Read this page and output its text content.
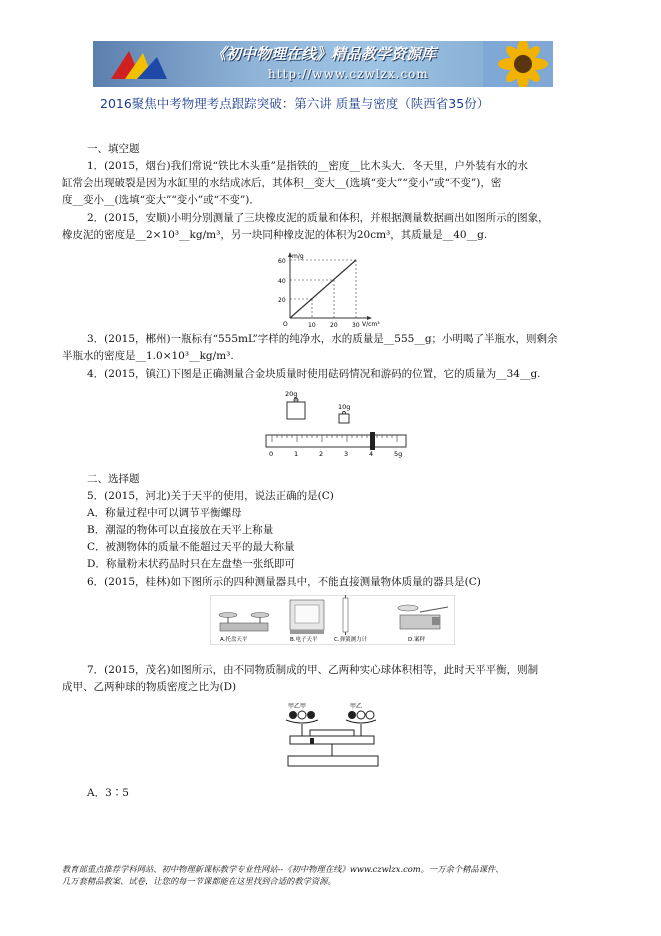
《初中物理在线》精品教学资源库
http://www.czwlzx.com
2016聚焦中考物理考点跟踪突破：第六讲 质量与密度（陕西省35份）
一、填空题
1．(2015，烟台)我们常说“铁比木头重”是指铁的__密度__比木头大．冬天里，户外装有水的水
缸常会出现破裂是因为水缸里的水结成冰后，其体积__变大__(选填“变大”“变小”或“不变”)，密
度__变小__(选填“变大”“变小”或“不变”)．
2．(2015，安顺)小明分别测量了三块橡皮泥的质量和体积，并根据测量数据画出如图所示的图象，
橡皮泥的密度是__2×10³__kg/m³，另一块同种橡皮泥的体积为20cm³，其质量是__40__g.
m/g
60
40
20
O	10 20 30 V/cm³
3．(2015，郴州)一瓶标有“555mL”字样的纯净水，水的质量是__555__g；小明喝了半瓶水，则剩余
半瓶水的密度是__1.0×10³__kg/m³.
4．(2015，镇江)下图是正确测量合金块质量时使用砝码情况和游码的位置，它的质量为__34__g.
20g
10g
0	1	2	3	4	5g
二、选择题
5．(2015，河北)关于天平的使用，说法正确的是(C)
A．称量过程中可以调节平衡螺母
B．潮湿的物体可以直接放在天平上称量
C．被测物体的质量不能超过天平的最大称量
D．称量粉末状药品时只在左盘垫一张纸即可
6．(2015，桂林)如下图所示的四种测量器具中，不能直接测量物体质量的器具是(C)
A.托盘天平	B.电子天平	C.弹簧测力计	D.案秤
7．(2015，茂名)如图所示，由不同物质制成的甲、乙两种实心球体积相等，此时天平平衡，则制
成甲、乙两种球的物质密度之比为(D)
甲乙甲	甲乙
A．3∶5
教育部重点推荐学科网站、初中物理新课标教学专业性网站--《初中物理在线》www.czwlzx.com。一万余个精品课件、
几万套精品教案、试卷，让您的每一节课都能在这里找到合适的教学资源。
